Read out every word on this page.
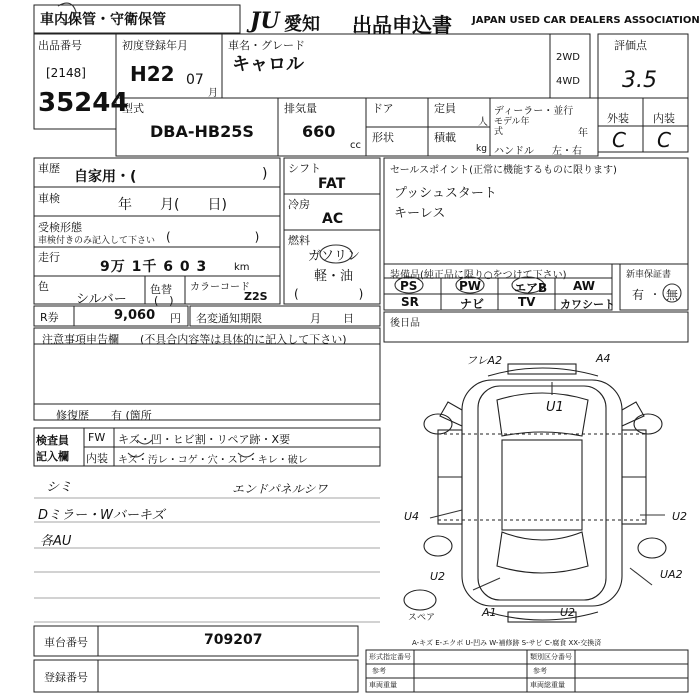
車内保管・守衛保管	JU 愛知 出品申込書 JAPAN USED CAR DEALERS ASSOCIATION
出品番号
[2148]
35244
初度登録年月
H22 07
月
車名・グレード
キャロル	2WD
4WD
評価点
3.5
外装 内装
C C
型式
DBA-HB25S
排気量
660
cc
ドア
形状
定員
人
積載
kg
ディーラー・並行
モデル年式	年
ハンドル 左・右
車歴
自家用・(	)
車検	年　　月(　　日)
受検形態
車検付きのみ記入して下さい (　　　　　　　)
走行
9万 1千 6 0 3	km
色
シルバー
色替
(　)
カラーコード
Z2S
シフト
FAT
冷房
AC
燃料
ガソリン
軽・油
(　　　　　)
セールスポイント(正常に機能するものに限ります)
プッシュスタート
キーレス
装備品(純正品に限り○をつけて下さい)
PS	PW	エアB AW
SR	ナビ	TV カワシート
新車保証書
有 ・ 無
R券	9,060 円 名変通知期限	月　　日	後日品
注意事項申告欄 (不具合内容等は具体的に記入して下さい)
修復歴　　有 (箇所
検査員
記入欄
FW キズ・凹・ヒビ割・リペア跡・X要
内装 キズ・汚レ・コゲ・穴・スレ・キレ・破レ
シミ	エンドパネルシワ
Dミラー・Wバーキズ
各AU
フレA2	A4
U1
U4	U2
U2	UA2
スペア	A1	U2
A-キズ E-エクボ U-凹み W-補修跡 S-サビ C-腐食 XX-交換済
車台番号	709207
登録番号
形式指定番号	類別区分番号
参考	参考
車両重量	車両総重量
